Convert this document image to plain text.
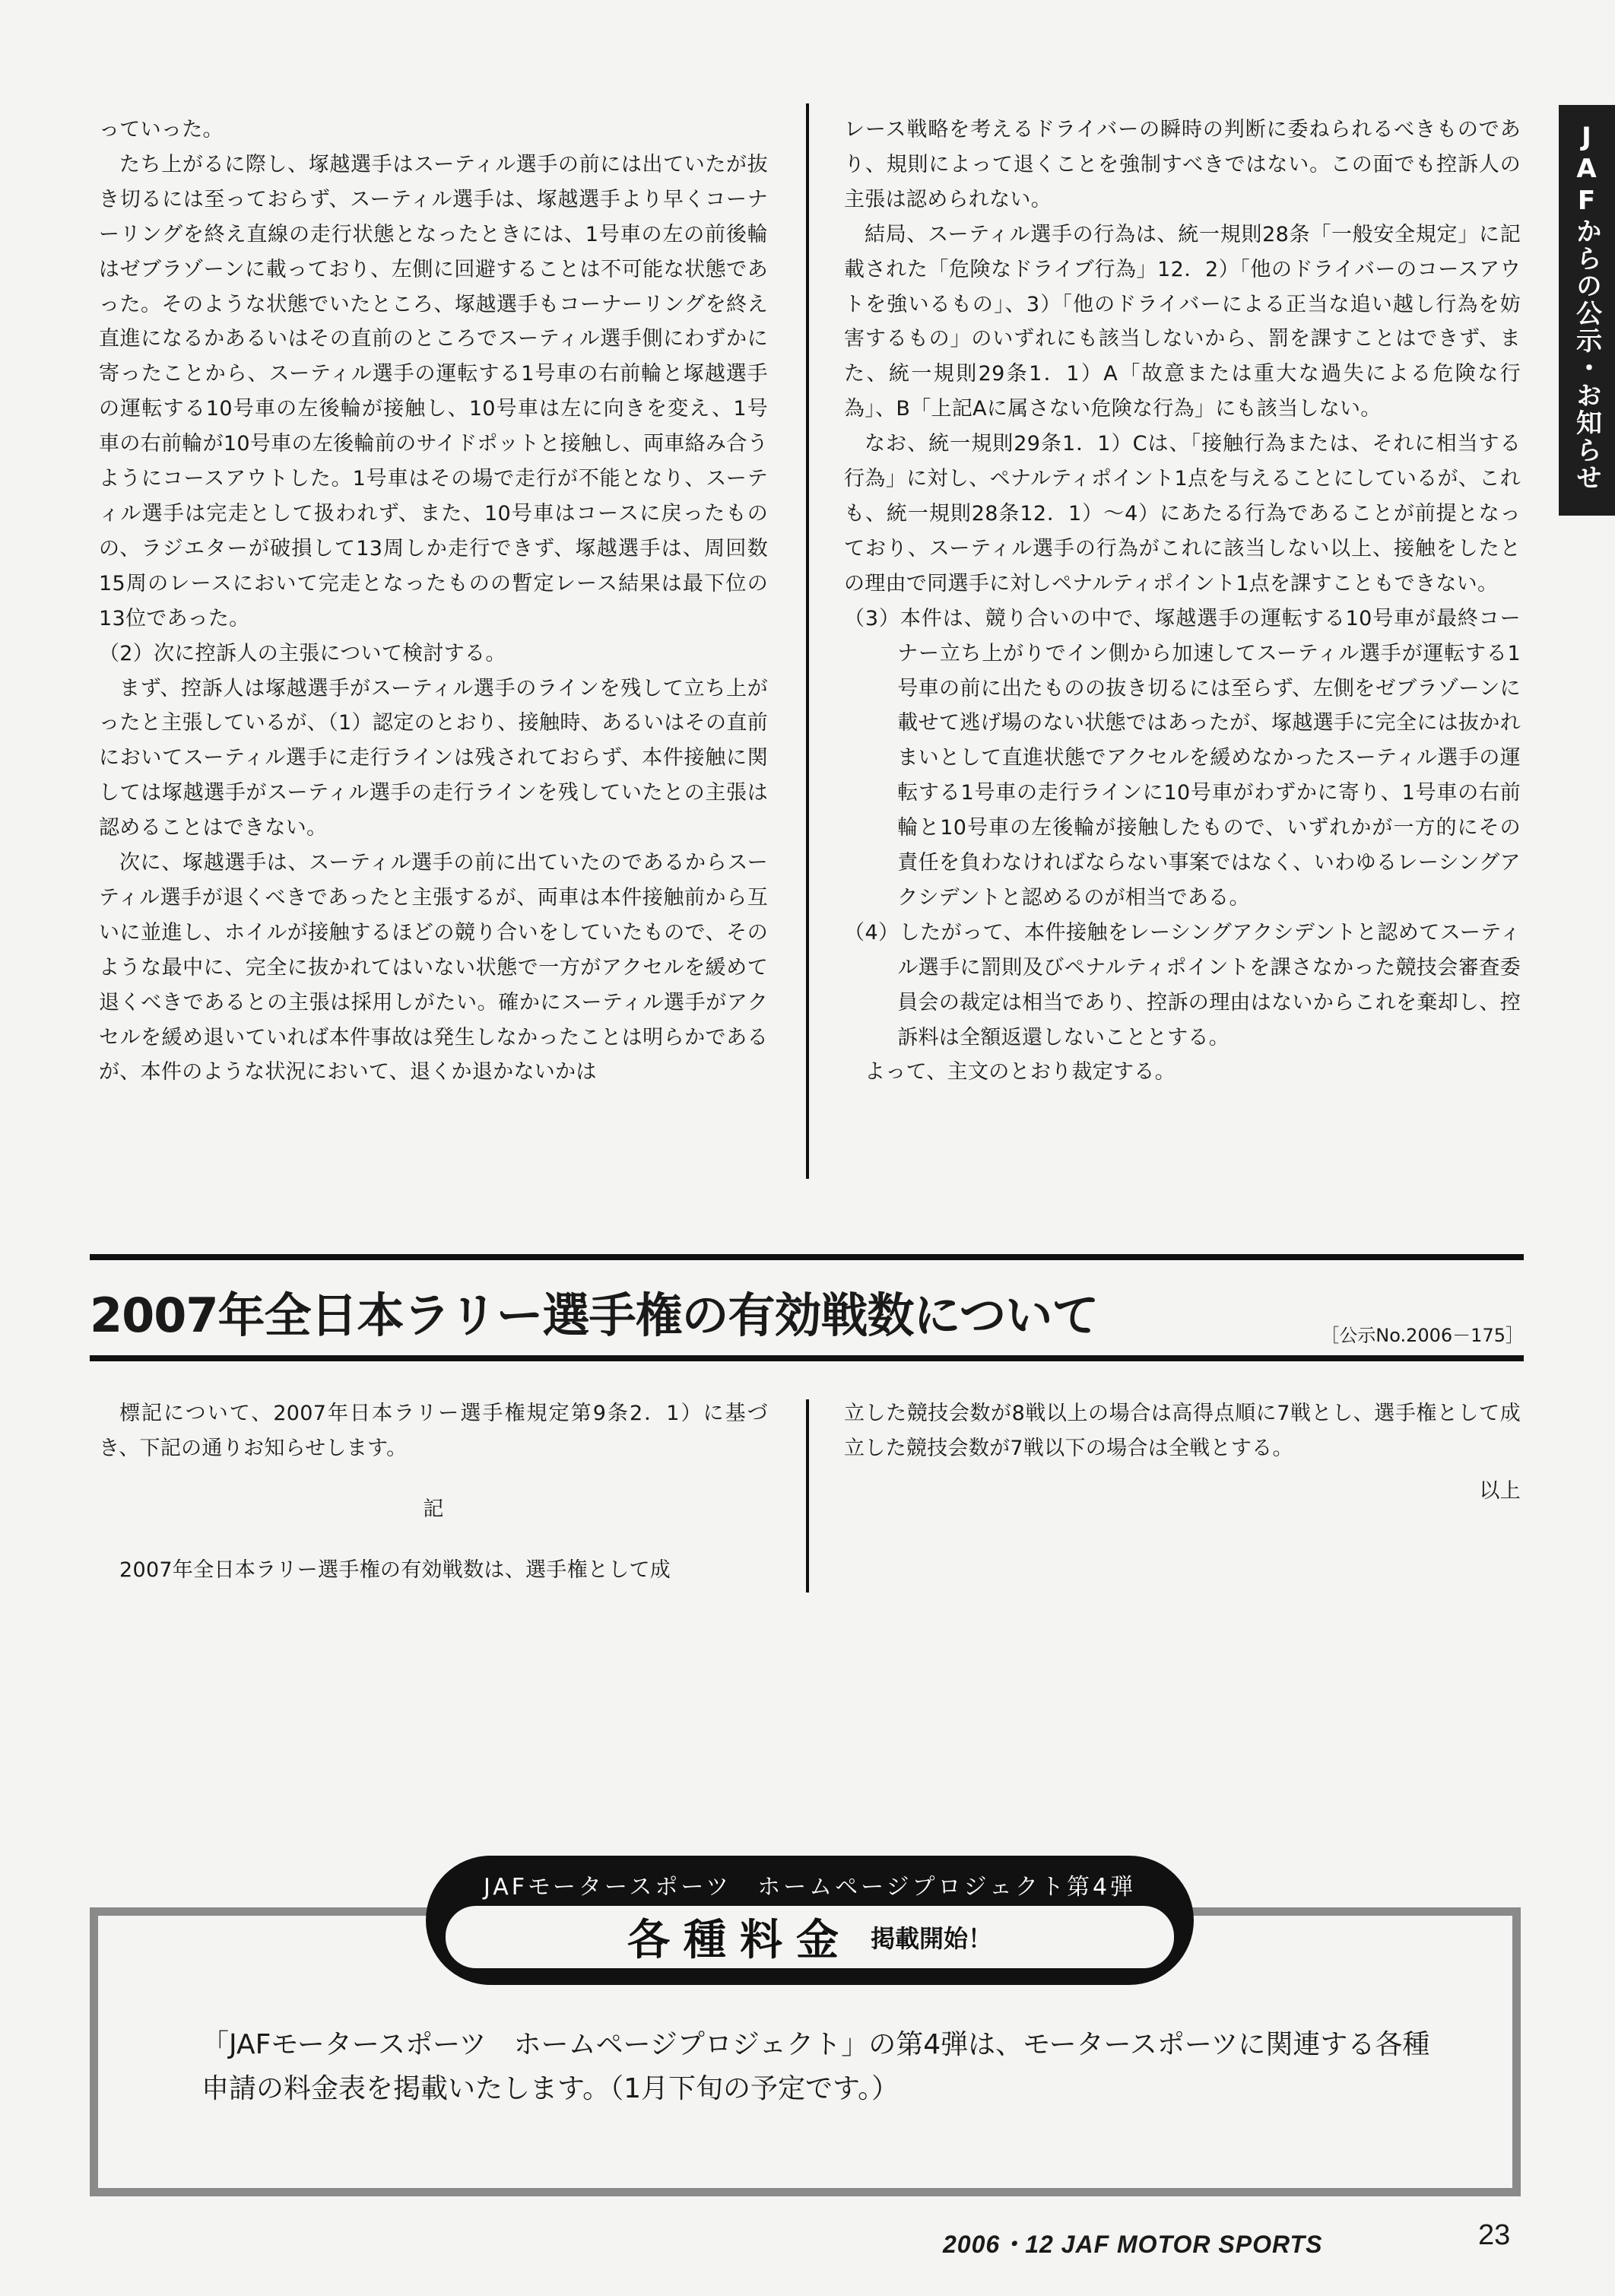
JAFからの公示・お知らせ

っていった。

たち上がるに際し、塚越選手はスーティル選手の前には出ていたが抜き切るには至っておらず、スーティル選手は、塚越選手より早くコーナーリングを終え直線の走行状態となったときには、1号車の左の前後輪はゼブラゾーンに載っており、左側に回避することは不可能な状態であった。そのような状態でいたところ、塚越選手もコーナーリングを終え直進になるかあるいはその直前のところでスーティル選手側にわずかに寄ったことから、スーティル選手の運転する1号車の右前輪と塚越選手の運転する10号車の左後輪が接触し、10号車は左に向きを変え、1号車の右前輪が10号車の左後輪前のサイドポットと接触し、両車絡み合うようにコースアウトした。1号車はその場で走行が不能となり、スーティル選手は完走として扱われず、また、10号車はコースに戻ったものの、ラジエターが破損して13周しか走行できず、塚越選手は、周回数15周のレースにおいて完走となったものの暫定レース結果は最下位の13位であった。

（2）次に控訴人の主張について検討する。

まず、控訴人は塚越選手がスーティル選手のラインを残して立ち上がったと主張しているが、（1）認定のとおり、接触時、あるいはその直前においてスーティル選手に走行ラインは残されておらず、本件接触に関しては塚越選手がスーティル選手の走行ラインを残していたとの主張は認めることはできない。

次に、塚越選手は、スーティル選手の前に出ていたのであるからスーティル選手が退くべきであったと主張するが、両車は本件接触前から互いに並進し、ホイルが接触するほどの競り合いをしていたもので、そのような最中に、完全に抜かれてはいない状態で一方がアクセルを緩めて退くべきであるとの主張は採用しがたい。確かにスーティル選手がアクセルを緩め退いていれば本件事故は発生しなかったことは明らかであるが、本件のような状況において、退くか退かないかは

レース戦略を考えるドライバーの瞬時の判断に委ねられるべきものであり、規則によって退くことを強制すべきではない。この面でも控訴人の主張は認められない。

結局、スーティル選手の行為は、統一規則28条「一般安全規定」に記載された「危険なドライブ行為」12．2）「他のドライバーのコースアウトを強いるもの」、3）「他のドライバーによる正当な追い越し行為を妨害するもの」のいずれにも該当しないから、罰を課すことはできず、また、統一規則29条1．1）A「故意または重大な過失による危険な行為」、B「上記Aに属さない危険な行為」にも該当しない。

なお、統一規則29条1．1）Cは、「接触行為または、それに相当する行為」に対し、ペナルティポイント1点を与えることにしているが、これも、統一規則28条12．1）～4）にあたる行為であることが前提となっており、スーティル選手の行為がこれに該当しない以上、接触をしたとの理由で同選手に対しペナルティポイント1点を課すこともできない。

（3）本件は、競り合いの中で、塚越選手の運転する10号車が最終コーナー立ち上がりでイン側から加速してスーティル選手が運転する1号車の前に出たものの抜き切るには至らず、左側をゼブラゾーンに載せて逃げ場のない状態ではあったが、塚越選手に完全には抜かれまいとして直進状態でアクセルを緩めなかったスーティル選手の運転する1号車の走行ラインに10号車がわずかに寄り、1号車の右前輪と10号車の左後輪が接触したもので、いずれかが一方的にその責任を負わなければならない事案ではなく、いわゆるレーシングアクシデントと認めるのが相当である。

（4）したがって、本件接触をレーシングアクシデントと認めてスーティル選手に罰則及びペナルティポイントを課さなかった競技会審査委員会の裁定は相当であり、控訴の理由はないからこれを棄却し、控訴料は全額返還しないこととする。

よって、主文のとおり裁定する。

2007年全日本ラリー選手権の有効戦数について	［公示No.2006－175］

標記について、2007年日本ラリー選手権規定第9条2．1）に基づき、下記の通りお知らせします。

記

2007年全日本ラリー選手権の有効戦数は、選手権として成

立した競技会数が8戦以上の場合は高得点順に7戦とし、選手権として成立した競技会数が7戦以下の場合は全戦とする。

以上

JAFモータースポーツ　ホームページプロジェクト第4弾
各種料金 掲載開始！

「JAFモータースポーツ　ホームページプロジェクト」の第4弾は、モータースポーツに関連する各種

申請の料金表を掲載いたします。（1月下旬の予定です。）

2006・12 JAF MOTOR SPORTS	23
